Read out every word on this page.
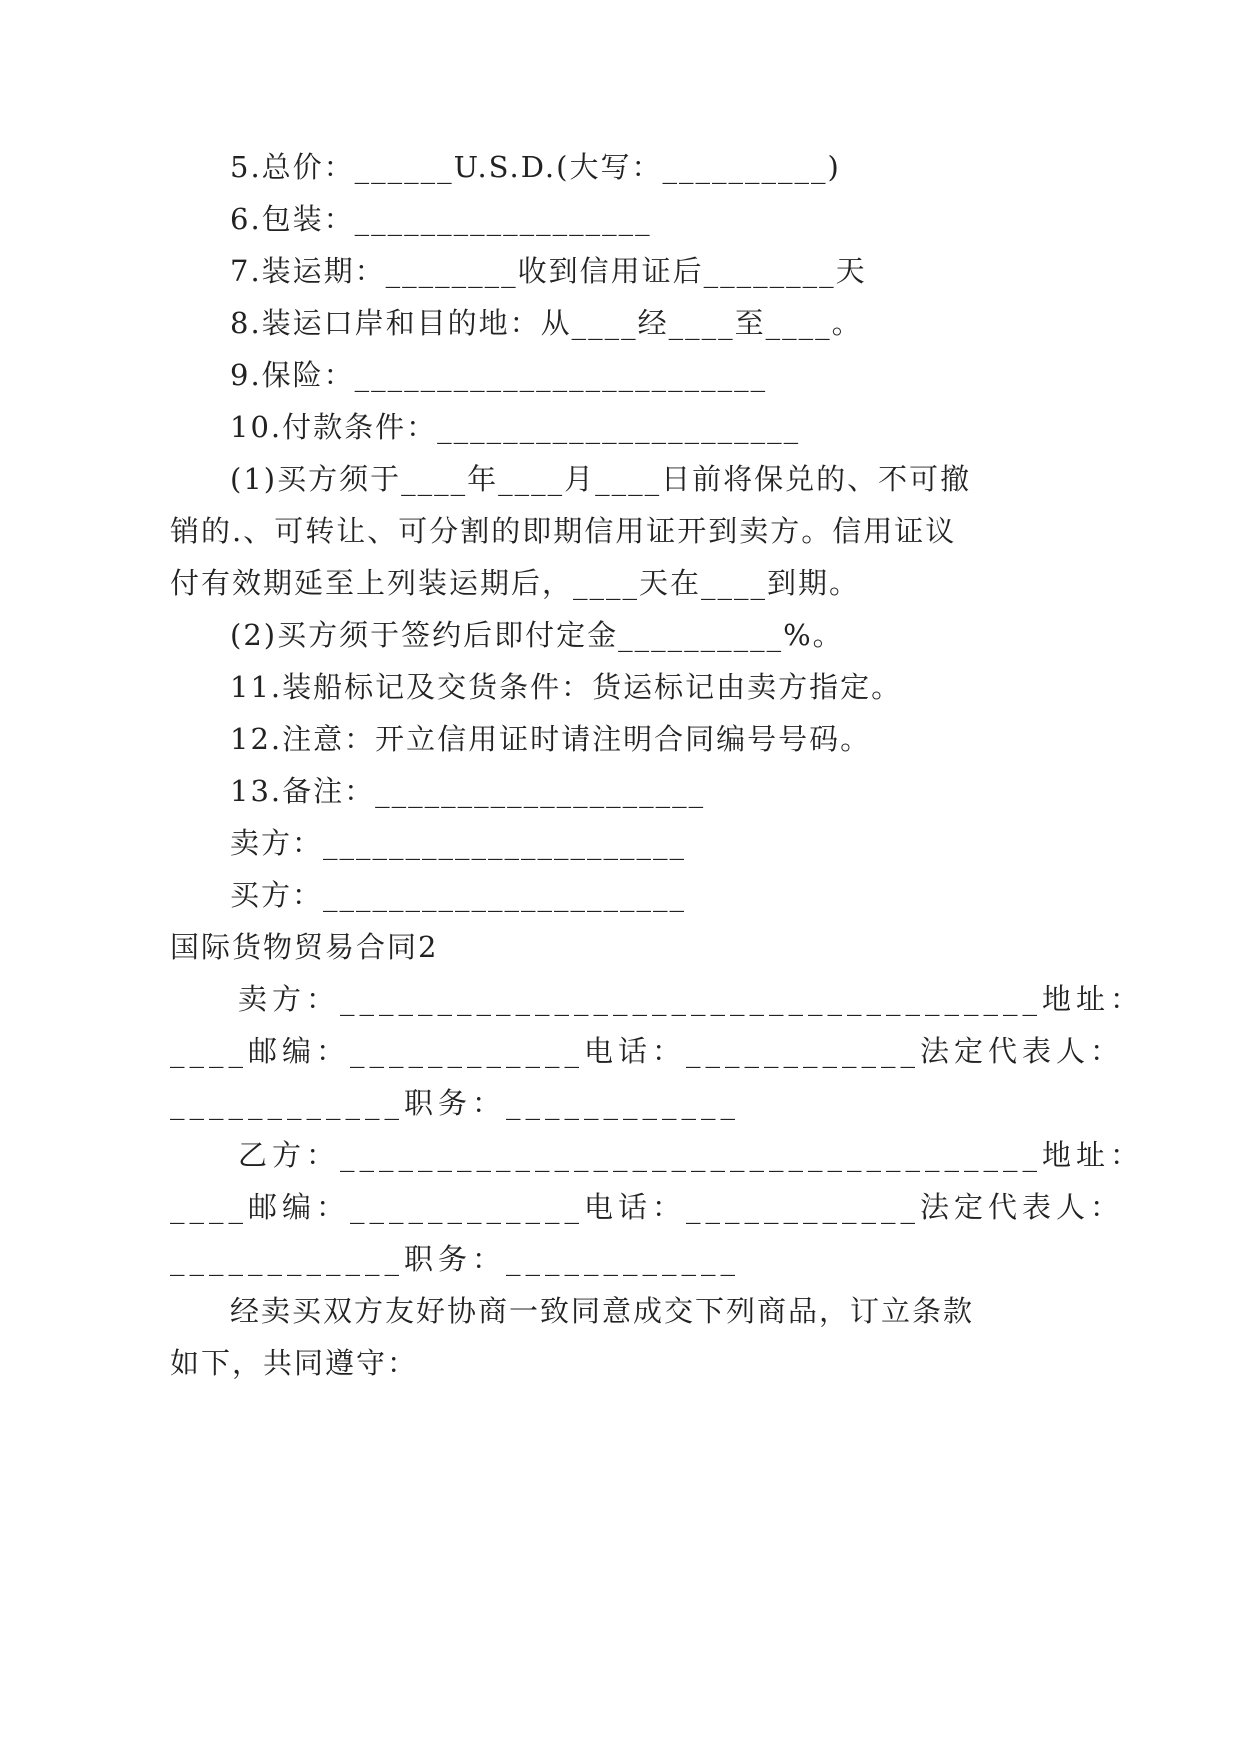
5.总价：______U.S.D.(大写：__________)

6.包装：__________________

7.装运期：________收到信用证后________天

8.装运口岸和目的地：从____经____至____。

9.保险：_________________________

10.付款条件：______________________

(1)买方须于____年____月____日前将保兑的、不可撤

销的.、可转让、可分割的即期信用证开到卖方。信用证议

付有效期延至上列装运期后，____天在____到期。

(2)买方须于签约后即付定金__________%。

11.装船标记及交货条件：货运标记由卖方指定。

12.注意：开立信用证时请注明合同编号号码。

13.备注：____________________

卖方：______________________

买方：______________________

国际货物贸易合同2

卖方：____________________________________地址：

____邮编：____________电话：____________法定代表人：

____________职务：____________

乙方：____________________________________地址：

____邮编：____________电话：____________法定代表人：

____________职务：____________

经卖买双方友好协商一致同意成交下列商品，订立条款

如下，共同遵守：
